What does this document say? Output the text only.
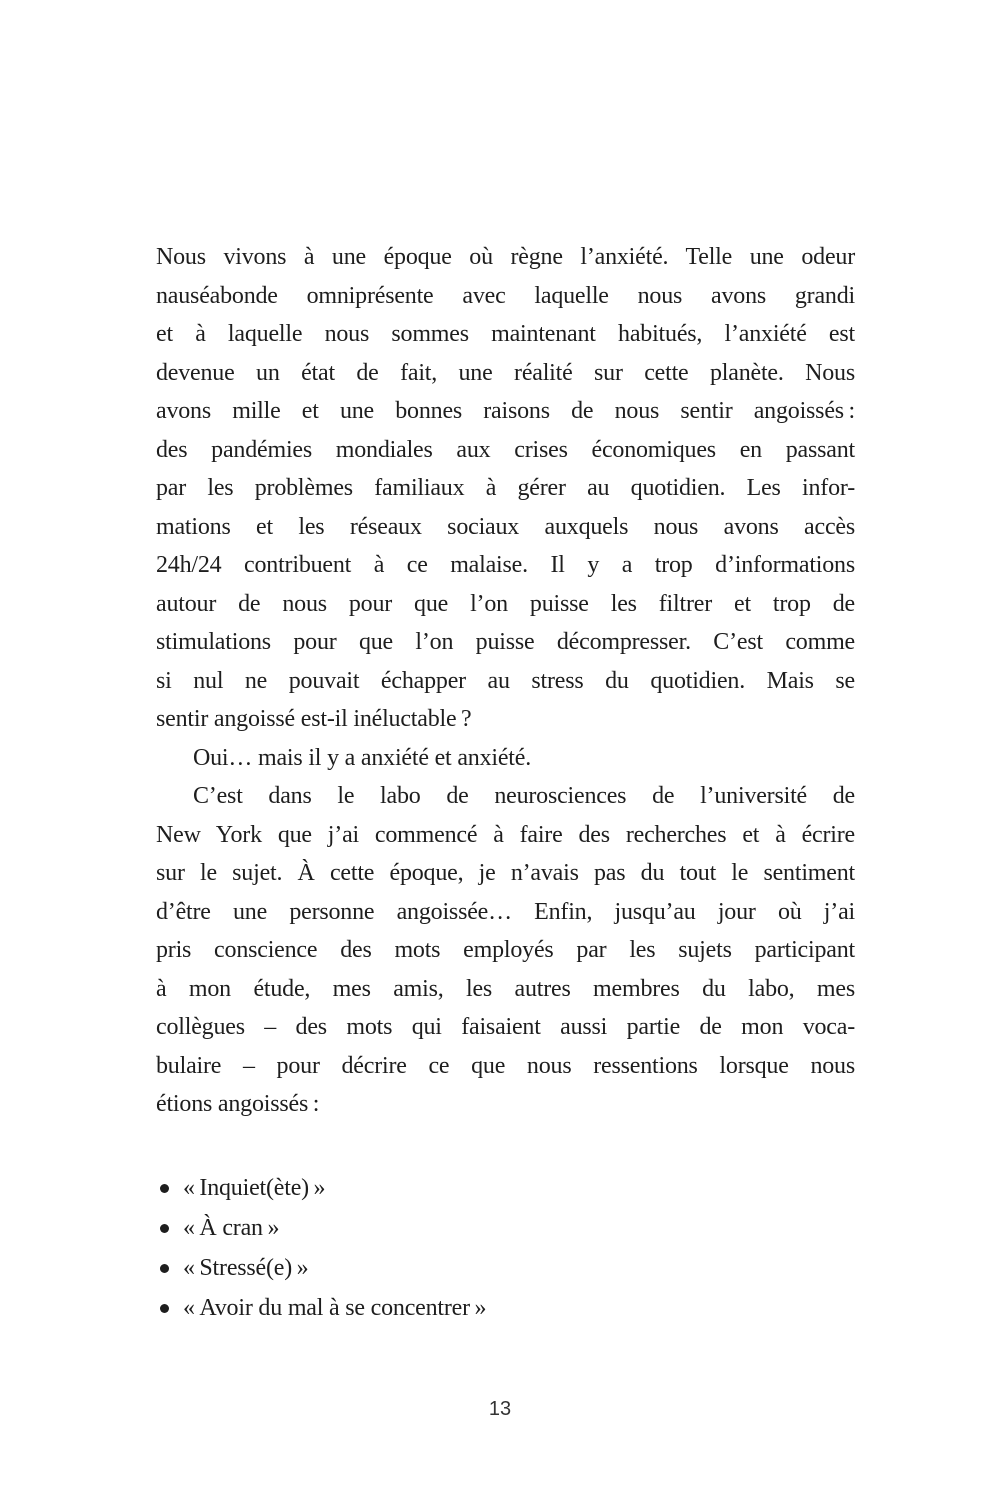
Nous vivons à une époque où règne l’anxiété. Telle une odeur
nauséabonde omniprésente avec laquelle nous avons grandi
et à laquelle nous sommes maintenant habitués, l’anxiété est
devenue un état de fait, une réalité sur cette planète. Nous
avons mille et une bonnes raisons de nous sentir angoissés :
des pandémies mondiales aux crises économiques en passant
par les problèmes familiaux à gérer au quotidien. Les infor-
mations et les réseaux sociaux auxquels nous avons accès
24h/24 contribuent à ce malaise. Il y a trop d’informations
autour de nous pour que l’on puisse les filtrer et trop de
stimulations pour que l’on puisse décompresser. C’est comme
si nul ne pouvait échapper au stress du quotidien. Mais se
sentir angoissé est-il inéluctable ?

Oui… mais il y a anxiété et anxiété.

C’est dans le labo de neurosciences de l’université de
New York que j’ai commencé à faire des recherches et à écrire
sur le sujet. À cette époque, je n’avais pas du tout le sentiment
d’être une personne angoissée… Enfin, jusqu’au jour où j’ai
pris conscience des mots employés par les sujets participant
à mon étude, mes amis, les autres membres du labo, mes
collègues – des mots qui faisaient aussi partie de mon voca-
bulaire – pour décrire ce que nous ressentions lorsque nous
étions angoissés :

« Inquiet(ète) »
« À cran »
« Stressé(e) »
« Avoir du mal à se concentrer »
13
